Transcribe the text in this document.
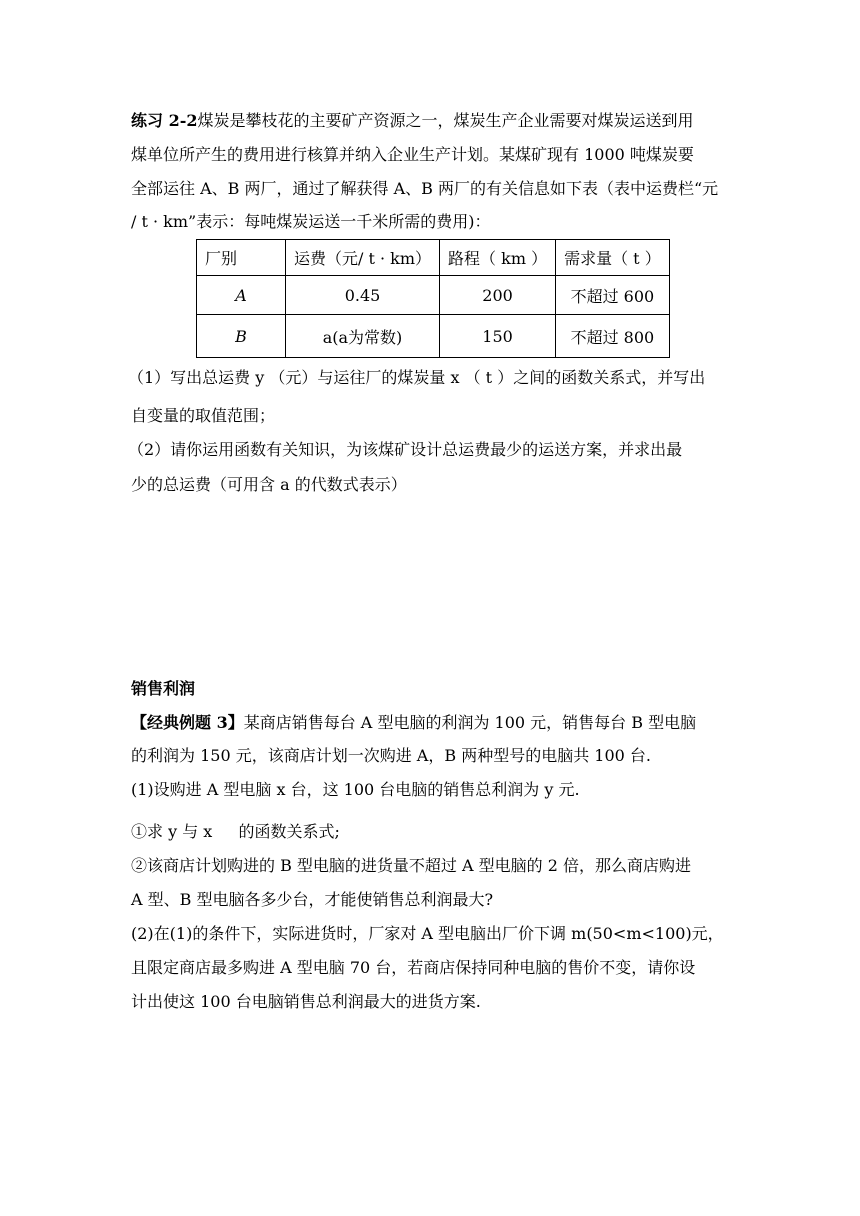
练习 2-2煤炭是攀枝花的主要矿产资源之一，煤炭生产企业需要对煤炭运送到用
煤单位所产生的费用进行核算并纳入企业生产计划。某煤矿现有 1000 吨煤炭要
全部运往 A、B 两厂，通过了解获得 A、B 两厂的有关信息如下表（表中运费栏“元
/ t · km”表示：每吨煤炭运送一千米所需的费用)：
厂别	运费（元/ t · km）	路程（ km ）	需求量（ t ）
A	0.45	200	不超过 600
B	a(a为常数)	150	不超过 800
（1）写出总运费 y （元）与运往厂的煤炭量 x （ t ）之间的函数关系式，并写出
自变量的取值范围；
（2）请你运用函数有关知识，为该煤矿设计总运费最少的运送方案，并求出最
少的总运费（可用含 a 的代数式表示）
销售利润
【经典例题 3】某商店销售每台 A 型电脑的利润为 100 元，销售每台 B 型电脑
的利润为 150 元，该商店计划一次购进 A，B 两种型号的电脑共 100 台.
(1)设购进 A 型电脑 x 台，这 100 台电脑的销售总利润为 y 元.
①求 y 与 x 　 的函数关系式;
②该商店计划购进的 B 型电脑的进货量不超过 A 型电脑的 2 倍，那么商店购进
A 型、B 型电脑各多少台，才能使销售总利润最大?
(2)在(1)的条件下，实际进货时，厂家对 A 型电脑出厂价下调 m(50<m<100)元，
且限定商店最多购进 A 型电脑 70 台，若商店保持同种电脑的售价不变，请你设
计出使这 100 台电脑销售总利润最大的进货方案.
